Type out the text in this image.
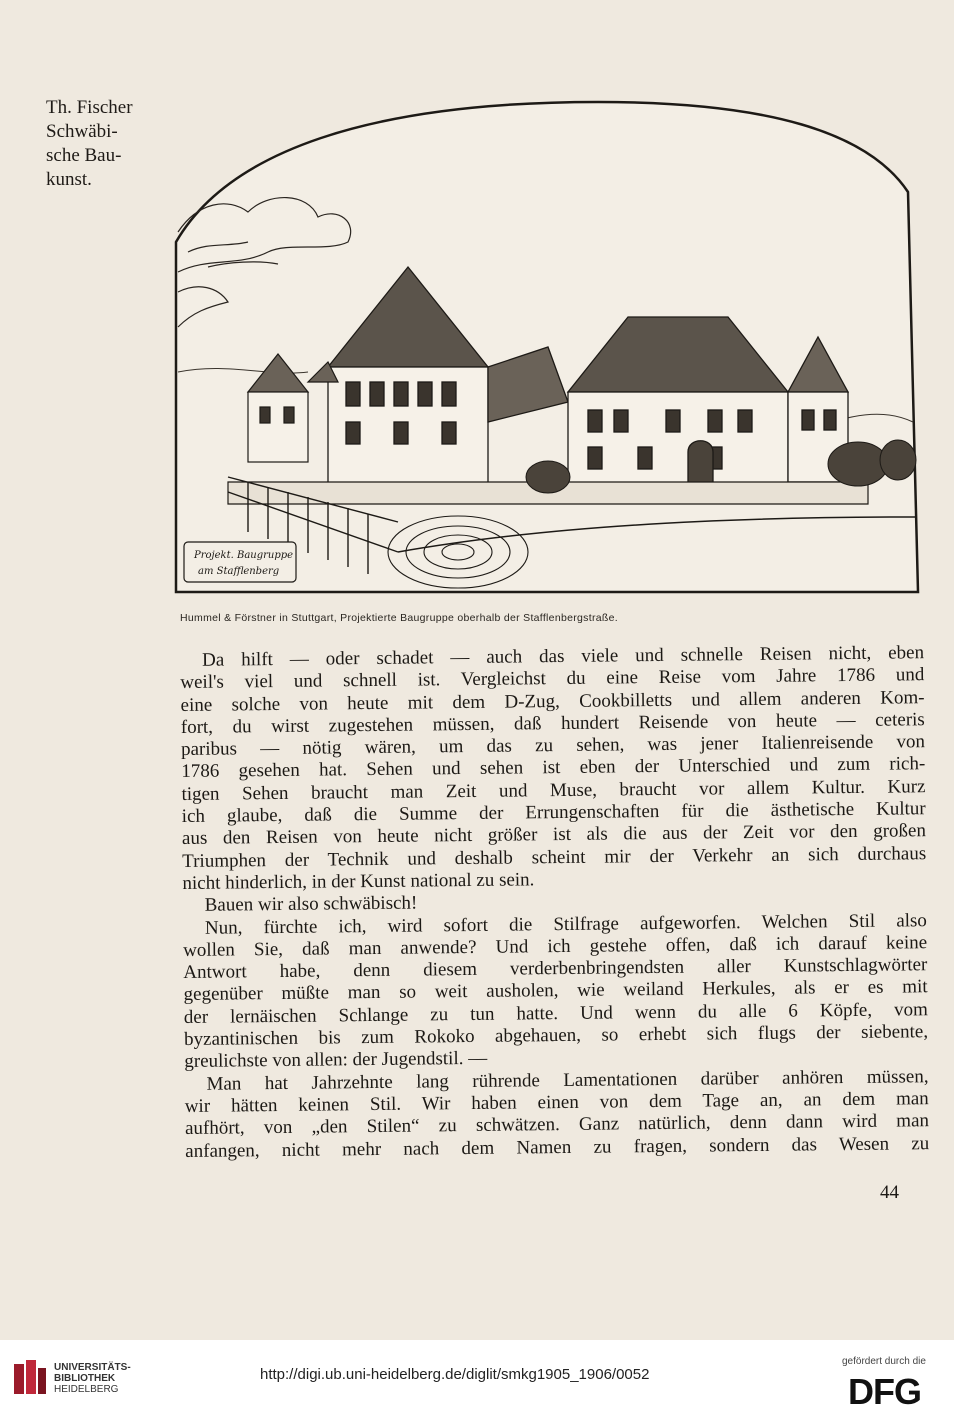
Th. Fischer
Schwäbi-
sche Bau-
kunst.
Projekt. Baugruppe
am Stafflenberg
Hummel & Förstner in Stuttgart, Projektierte Baugruppe oberhalb der Stafflenbergstraße.
Da hilft — oder schadet — auch das viele und schnelle Reisen nicht, eben
weil's viel und schnell ist. Vergleichst du eine Reise vom Jahre 1786 und
eine solche von heute mit dem D-Zug, Cookbilletts und allem anderen Kom-
fort, du wirst zugestehen müssen, daß hundert Reisende von heute — ceteris
paribus — nötig wären, um das zu sehen, was jener Italienreisende von
1786 gesehen hat. Sehen und sehen ist eben der Unterschied und zum rich-
tigen Sehen braucht man Zeit und Muse, braucht vor allem Kultur. Kurz
ich glaube, daß die Summe der Errungenschaften für die ästhetische Kultur
aus den Reisen von heute nicht größer ist als die aus der Zeit vor den großen
Triumphen der Technik und deshalb scheint mir der Verkehr an sich durchaus
nicht hinderlich, in der Kunst national zu sein.
Bauen wir also schwäbisch!
Nun, fürchte ich, wird sofort die Stilfrage aufgeworfen. Welchen Stil also
wollen Sie, daß man anwende? Und ich gestehe offen, daß ich darauf keine
Antwort habe, denn diesem verderbenbringendsten aller Kunstschlagwörter
gegenüber müßte man so weit ausholen, wie weiland Herkules, als er es mit
der lernäischen Schlange zu tun hatte. Und wenn du alle 6 Köpfe, vom
byzantinischen bis zum Rokoko abgehauen, so erhebt sich flugs der siebente,
greulichste von allen: der Jugendstil. —
Man hat Jahrzehnte lang rührende Lamentationen darüber anhören müssen,
wir hätten keinen Stil. Wir haben einen von dem Tage an, an dem man
aufhört, von „den Stilen“ zu schwätzen. Ganz natürlich, denn dann wird man
anfangen, nicht mehr nach dem Namen zu fragen, sondern das Wesen zu
44
UNIVERSITÄTS-
BIBLIOTHEK
HEIDELBERG
http://digi.ub.uni-heidelberg.de/diglit/smkg1905_1906/0052
gefördert durch die
DFG
